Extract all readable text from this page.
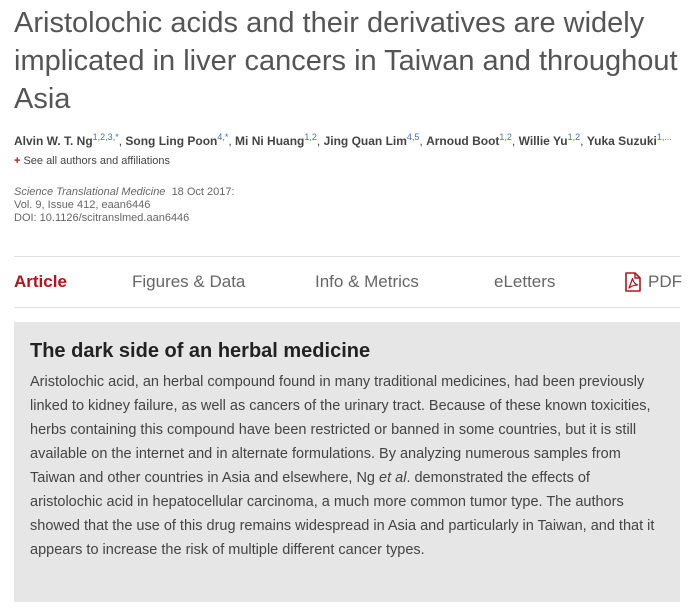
Aristolochic acids and their derivatives are widely implicated in liver cancers in Taiwan and throughout Asia
Alvin W. T. $Ng^{1,2,3,*}$, Song Ling Poon$^{4,*}$, Mi Ni Huang$^{1,2}$, Jing Quan Lim$^{4,5}$, Arnoud Boot$^{1,2}$, Willie Yu$^{1,2}$, Yuka Suzuki$^{1,...}$
+ See all authors and affiliations
Science Translational Medicine 18 Oct 2017:
Vol. 9, Issue 412, eaan6446
DOI: 10.1126/scitranslmed.aan6446
Article	Figures & Data	Info & Metrics	eLetters	PDF
The dark side of an herbal medicine

Aristolochic acid, an herbal compound found in many traditional medicines, had been previously linked to kidney failure, as well as cancers of the urinary tract. Because of these known toxicities, herbs containing this compound have been restricted or banned in some countries, but it is still available on the internet and in alternate formulations. By analyzing numerous samples from Taiwan and other countries in Asia and elsewhere, Ng et al. demonstrated the effects of aristolochic acid in hepatocellular carcinoma, a much more common tumor type. The authors showed that the use of this drug remains widespread in Asia and particularly in Taiwan, and that it appears to increase the risk of multiple different cancer types.
